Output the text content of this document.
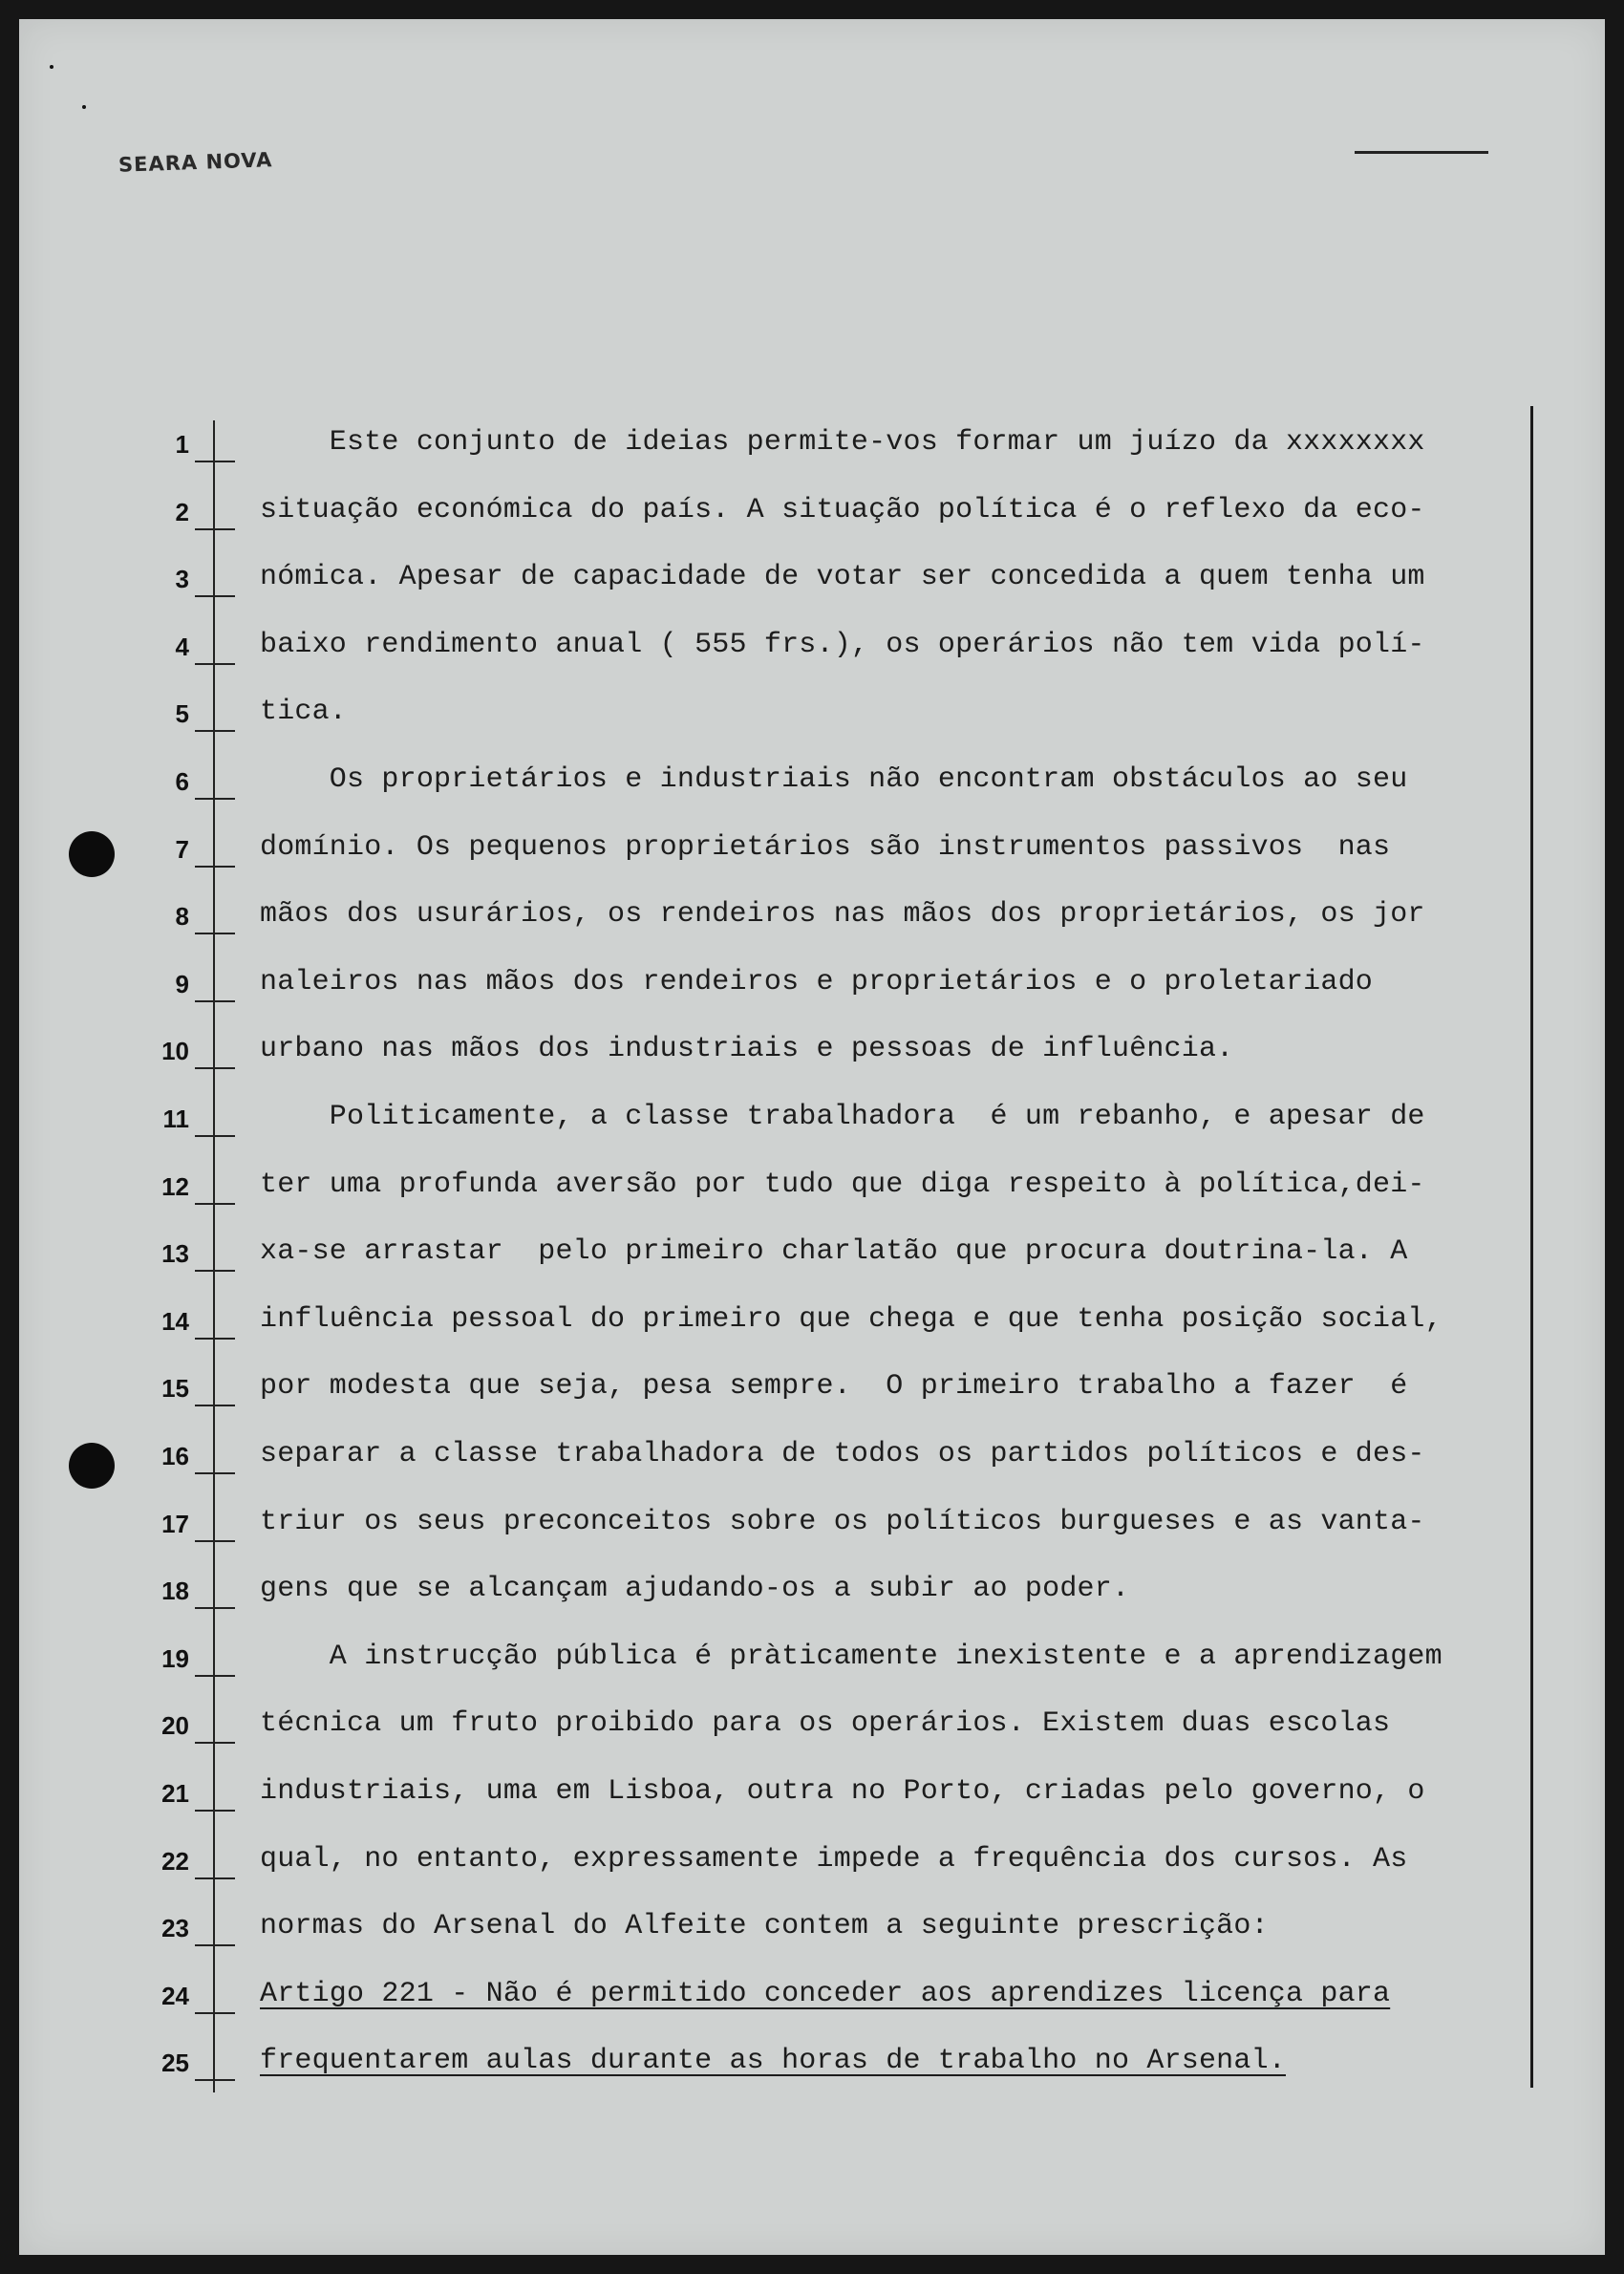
SEARA NOVA
1 Este conjunto de ideias permite-vos formar um juízo da xxxxxxxx
2 situação económica do país. A situação política é o reflexo da eco-
3 nómica. Apesar de capacidade de votar ser concedida a quem tenha um
4 baixo rendimento anual ( 555 frs.), os operários não tem vida polí-
5 tica.
6 Os proprietários e industriais não encontram obstáculos ao seu
7 domínio. Os pequenos proprietários são instrumentos passivos  nas
8 mãos dos usurários, os rendeiros nas mãos dos proprietários, os jor
9 naleiros nas mãos dos rendeiros e proprietários e o proletariado
10 urbano nas mãos dos industriais e pessoas de influência.
11 Politicamente, a classe trabalhadora  é um rebanho, e apesar de
12 ter uma profunda aversão por tudo que diga respeito à política,dei-
13 xa-se arrastar  pelo primeiro charlatão que procura doutrina-la. A
14 influência pessoal do primeiro que chega e que tenha posição social,
15 por modesta que seja, pesa sempre.  O primeiro trabalho a fazer  é
16 separar a classe trabalhadora de todos os partidos políticos e des-
17 triur os seus preconceitos sobre os políticos burgueses e as vanta-
18 gens que se alcançam ajudando-os a subir ao poder.
19 A instrucção pública é pràticamente inexistente e a aprendizagem
20 técnica um fruto proibido para os operários. Existem duas escolas
21 industriais, uma em Lisboa, outra no Porto, criadas pelo governo, o
22 qual, no entanto, expressamente impede a frequência dos cursos. As
23 normas do Arsenal do Alfeite contem a seguinte prescrição:
24 Artigo 221 - Não é permitido conceder aos aprendizes licença para
25 frequentarem aulas durante as horas de trabalho no Arsenal.
